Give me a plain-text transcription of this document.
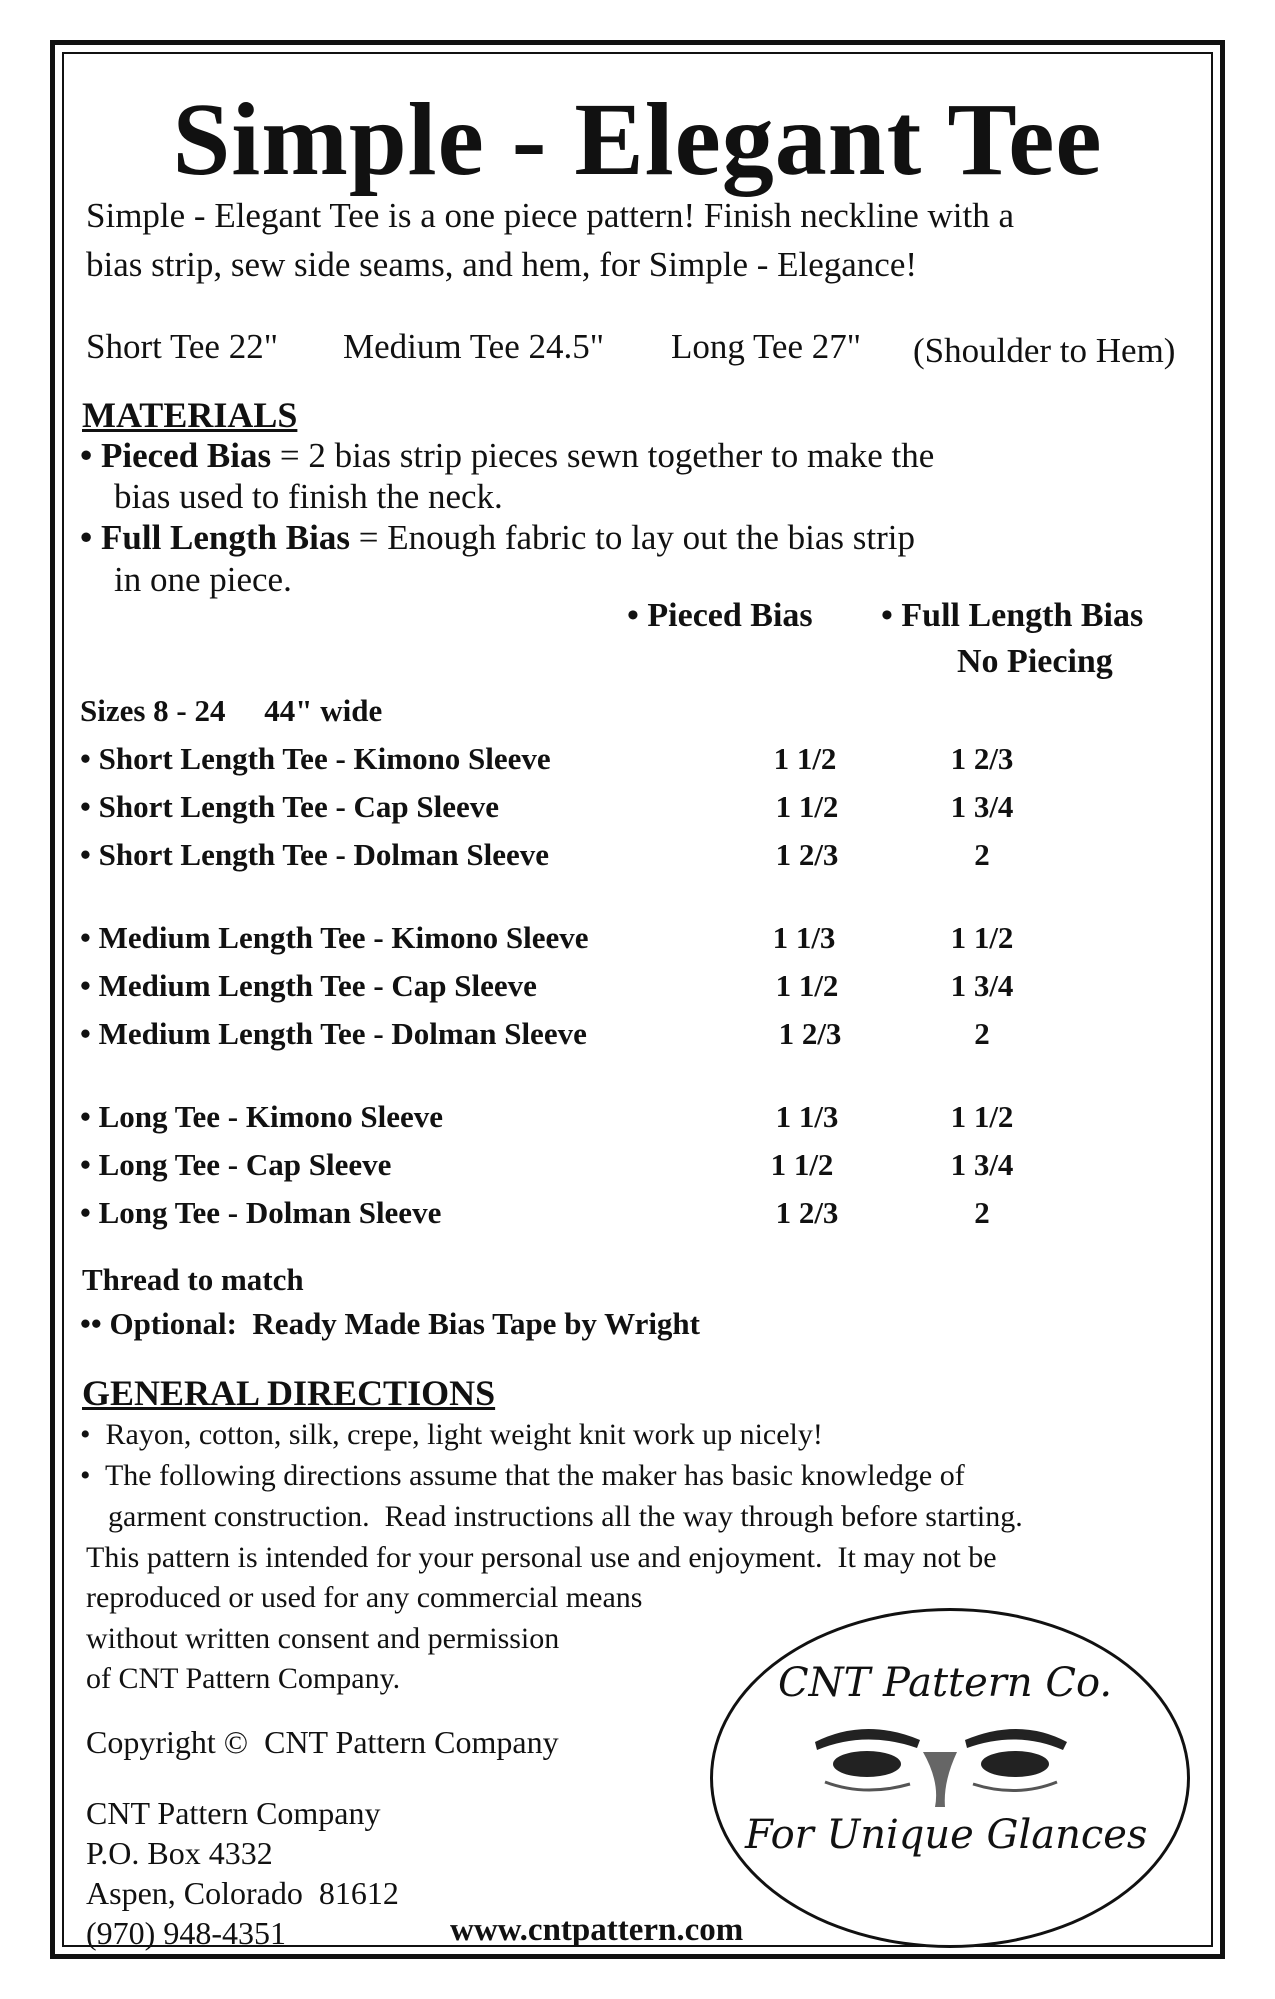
Simple - Elegant Tee
Simple - Elegant Tee is a one piece pattern! Finish neckline with a
bias strip, sew side seams, and hem, for Simple - Elegance!
Short Tee 22" Medium Tee 24.5" Long Tee 27" (Shoulder to Hem)
MATERIALS
• Pieced Bias = 2 bias strip pieces sewn together to make the
bias used to finish the neck.
• Full Length Bias = Enough fabric to lay out the bias strip
in one piece.
• Pieced Bias • Full Length Bias
No Piecing
Sizes 8 - 24     44" wide
• Short Length Tee - Kimono Sleeve	1 1/2	1 2/3
• Short Length Tee - Cap Sleeve	1 1/2	1 3/4
• Short Length Tee - Dolman Sleeve	1 2/3	2
• Medium Length Tee - Kimono Sleeve	1 1/3	1 1/2
• Medium Length Tee - Cap Sleeve	1 1/2	1 3/4
• Medium Length Tee - Dolman Sleeve	1 2/3	2
• Long Tee - Kimono Sleeve	1 1/3	1 1/2
• Long Tee - Cap Sleeve	1 1/2	1 3/4
• Long Tee - Dolman Sleeve	1 2/3	2
Thread to match
•• Optional:  Ready Made Bias Tape by Wright
GENERAL DIRECTIONS
•  Rayon, cotton, silk, crepe, light weight knit work up nicely!
•  The following directions assume that the maker has basic knowledge of
garment construction.  Read instructions all the way through before starting.
This pattern is intended for your personal use and enjoyment.  It may not be
reproduced or used for any commercial means
without written consent and permission
of CNT Pattern Company.
Copyright ©  CNT Pattern Company
CNT Pattern Company
P.O. Box 4332
Aspen, Colorado  81612
(970) 948-4351	www.cntpattern.com
CNT Pattern Co.
For Unique Glances
